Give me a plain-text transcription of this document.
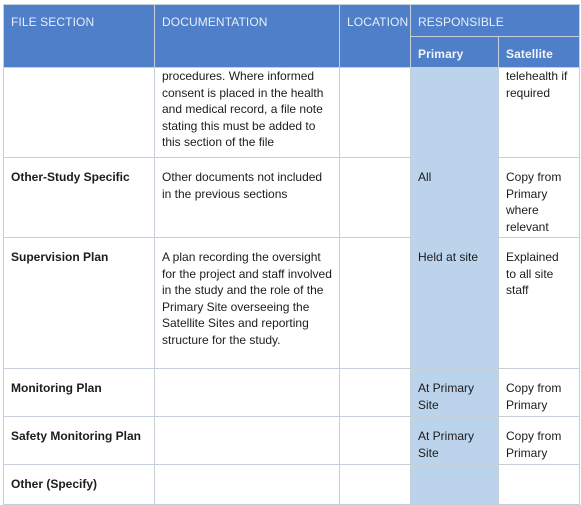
FILE SECTION	DOCUMENTATION	LOCATION	RESPONSIBLE	
			Primary	Satellite
	procedures. Where informed consent is placed in the health and medical record, a file note stating this must be added to this section of the file			telehealth if required
Other-Study Specific	Other documents not included in the previous sections		All	Copy from Primary where relevant
Supervision Plan	A plan recording the oversight for the project and staff involved in the study and the role of the Primary Site overseeing the Satellite Sites and reporting structure for the study.		Held at site	Explained to all site staff
Monitoring Plan			At Primary Site	Copy from Primary
Safety Monitoring Plan			At Primary Site	Copy from Primary
Other (Specify)				
